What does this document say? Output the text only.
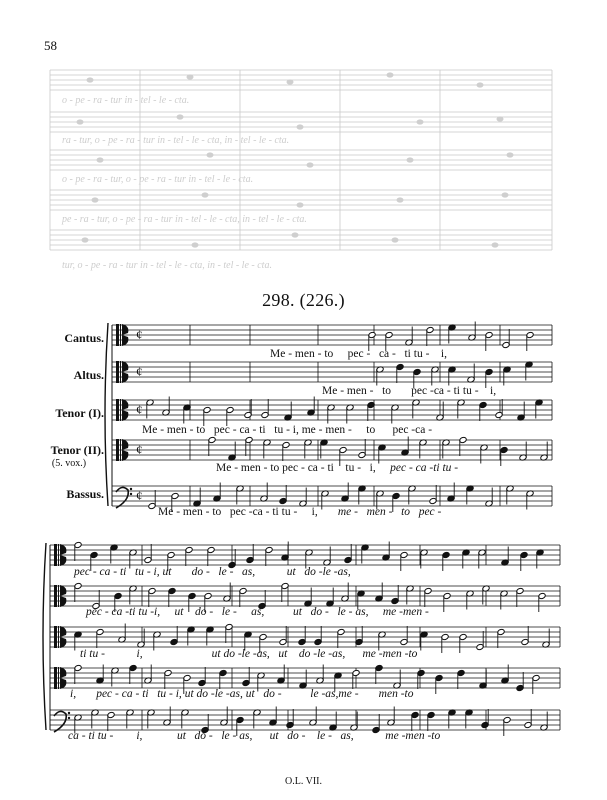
58
o - pe - ra - tur in - tel - le - cta.
ra - tur, o - pe - ra - tur in - tel - le - cta, in - tel - le - cta.
o - pe - ra - tur, o - pe - ra - tur in - tel - le - cta.
pe - ra - tur, o - pe - ra - tur in - tel - le - cta, in - tel - le - cta.
tur, o - pe - ra - tur in - tel - le - cta, in - tel - le - cta.
298. (226.)
Cantus.
Altus.
Tenor (I).
Tenor (II).
(5. vox.)
Bassus.
¢
¢
¢
¢
¢
Me - men - to pec - ca - ti tu - i,
Me - men - to pec -ca - ti tu - i,
Me - men - to pec - ca - ti tu - i, me - men - to pec -ca -
Me - men - to pec - ca - ti tu - i, pec - ca -ti tu -
Me - men - to pec -ca - ti tu - i, me - men - to pec -
pec - ca - ti tu - i, ut do - le - as,	ut do -le -as,
pec - ca -ti tu -i, ut do - le - as,	ut do - le - as, me -men -
ti tu -	i,	ut do -le -as, ut do -le -as, me -men -to
i, pec - ca - ti tu - i, ut do -le -as, ut do -	le -as,me - men -to
ca - ti tu - i,	ut do - le - as, ut do - le - as,	me -men -to
O.L. VII.
